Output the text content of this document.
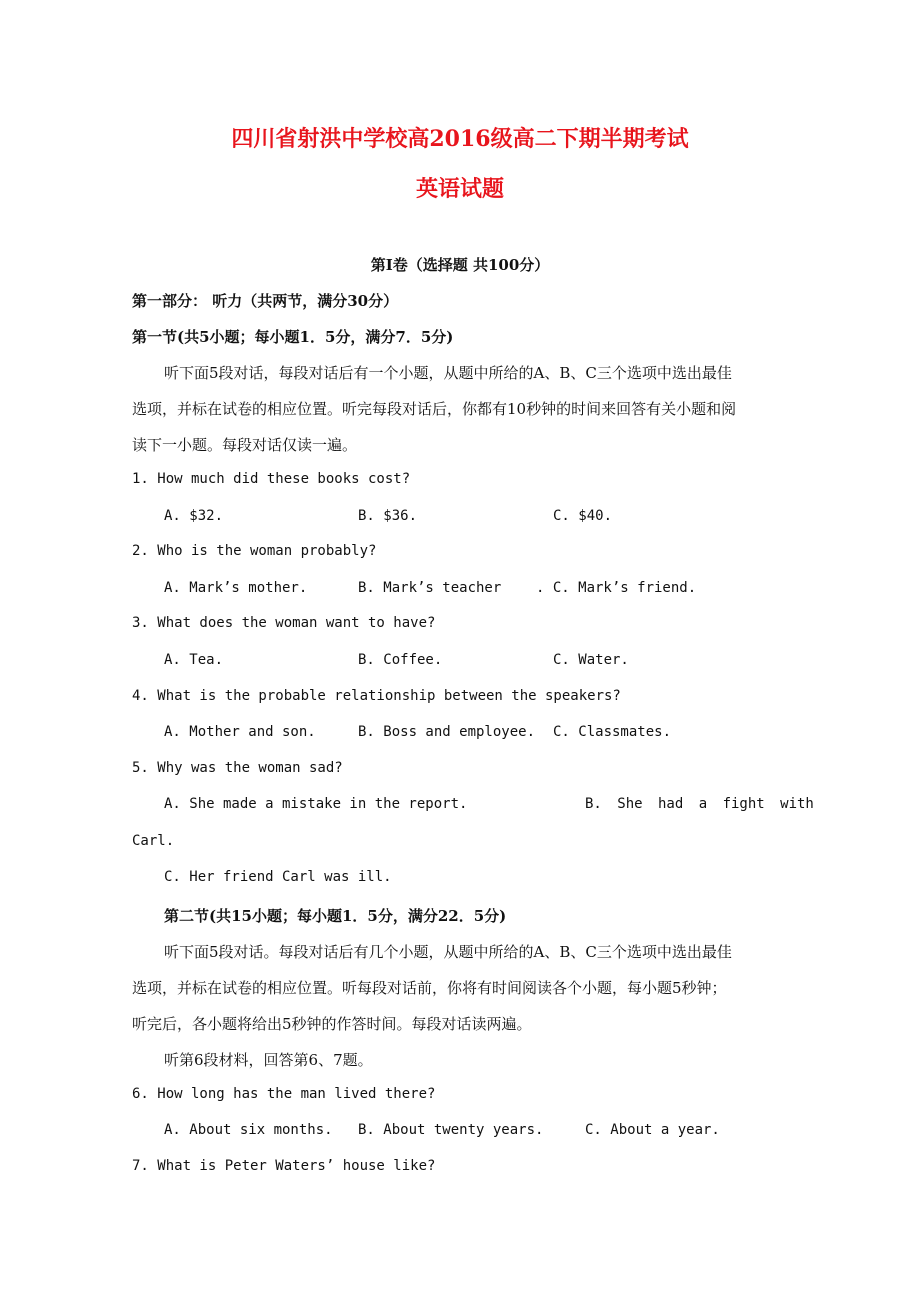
四川省射洪中学校高2016级高二下期半期考试
英语试题
第I卷（选择题 共100分）
第一部分： 听力（共两节，满分30分）
第一节(共5小题；每小题1．5分，满分7．5分)
听下面5段对话，每段对话后有一个小题，从题中所给的A、B、C三个选项中选出最佳
选项，并标在试卷的相应位置。听完每段对话后，你都有10秒钟的时间来回答有关小题和阅
读下一小题。每段对话仅读一遍。
1. How much did these books cost?
A. $32.	B. $36.	C. $40.
2. Who is the woman probably?
A. Mark’s mother.	B. Mark’s teacher . C. Mark’s friend.
3. What does the woman want to have?
A. Tea.	B. Coffee.	C. Water.
4. What is the probable relationship between the speakers?
A. Mother and son.	B. Boss and employee. C. Classmates.
5. Why was the woman sad?
A. She made a mistake in the report.	B. She had a fight with
Carl.
C. Her friend Carl was ill.
第二节(共15小题；每小题1．5分，满分22．5分)
听下面5段对话。每段对话后有几个小题，从题中所给的A、B、C三个选项中选出最佳
选项，并标在试卷的相应位置。听每段对话前，你将有时间阅读各个小题，每小题5秒钟；
听完后，各小题将给出5秒钟的作答时间。每段对话读两遍。
听第6段材料，回答第6、7题。
6. How long has the man lived there?
A. About six months. B. About twenty years.	C. About a year.
7. What is Peter Waters’ house like?
